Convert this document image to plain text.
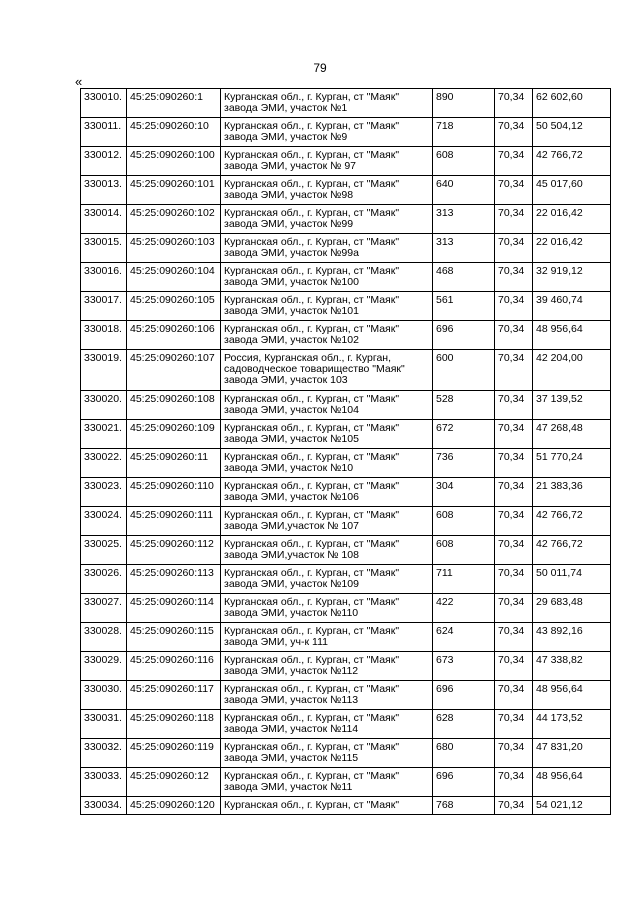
79
«
330010.	45:25:090260:1	Курганская обл., г. Курган, ст "Маяк" завода ЭМИ, участок №1	890	70,34	62 602,60
330011.	45:25:090260:10	Курганская обл., г. Курган, ст "Маяк" завода ЭМИ, участок №9	718	70,34	50 504,12
330012.	45:25:090260:100	Курганская обл., г. Курган, ст "Маяк" завода ЭМИ, участок № 97	608	70,34	42 766,72
330013.	45:25:090260:101	Курганская обл., г. Курган, ст "Маяк" завода ЭМИ, участок №98	640	70,34	45 017,60
330014.	45:25:090260:102	Курганская обл., г. Курган, ст "Маяк" завода ЭМИ, участок №99	313	70,34	22 016,42
330015.	45:25:090260:103	Курганская обл., г. Курган, ст "Маяк" завода ЭМИ, участок №99а	313	70,34	22 016,42
330016.	45:25:090260:104	Курганская обл., г. Курган, ст "Маяк" завода ЭМИ, участок №100	468	70,34	32 919,12
330017.	45:25:090260:105	Курганская обл., г. Курган, ст "Маяк" завода ЭМИ, участок №101	561	70,34	39 460,74
330018.	45:25:090260:106	Курганская обл., г. Курган, ст "Маяк" завода ЭМИ, участок №102	696	70,34	48 956,64
330019.	45:25:090260:107	Россия, Курганская обл., г. Курган, садоводческое товарищество "Маяк" завода ЭМИ, участок 103	600	70,34	42 204,00
330020.	45:25:090260:108	Курганская обл., г. Курган, ст "Маяк" завода ЭМИ, участок №104	528	70,34	37 139,52
330021.	45:25:090260:109	Курганская обл., г. Курган, ст "Маяк" завода ЭМИ, участок №105	672	70,34	47 268,48
330022.	45:25:090260:11	Курганская обл., г. Курган, ст "Маяк" завода ЭМИ, участок №10	736	70,34	51 770,24
330023.	45:25:090260:110	Курганская обл., г. Курган, ст "Маяк" завода ЭМИ, участок №106	304	70,34	21 383,36
330024.	45:25:090260:111	Курганская обл., г. Курган, ст "Маяк" завода ЭМИ,участок № 107	608	70,34	42 766,72
330025.	45:25:090260:112	Курганская обл., г. Курган, ст "Маяк" завода ЭМИ,участок № 108	608	70,34	42 766,72
330026.	45:25:090260:113	Курганская обл., г. Курган, ст "Маяк" завода ЭМИ, участок №109	711	70,34	50 011,74
330027.	45:25:090260:114	Курганская обл., г. Курган, ст "Маяк" завода ЭМИ, участок №110	422	70,34	29 683,48
330028.	45:25:090260:115	Курганская обл., г. Курган, ст "Маяк" завода ЭМИ, уч-к 111	624	70,34	43 892,16
330029.	45:25:090260:116	Курганская обл., г. Курган, ст "Маяк" завода ЭМИ, участок №112	673	70,34	47 338,82
330030.	45:25:090260:117	Курганская обл., г. Курган, ст "Маяк" завода ЭМИ, участок №113	696	70,34	48 956,64
330031.	45:25:090260:118	Курганская обл., г. Курган, ст "Маяк" завода ЭМИ, участок №114	628	70,34	44 173,52
330032.	45:25:090260:119	Курганская обл., г. Курган, ст "Маяк" завода ЭМИ, участок №115	680	70,34	47 831,20
330033.	45:25:090260:12	Курганская обл., г. Курган, ст "Маяк" завода ЭМИ, участок №11	696	70,34	48 956,64
330034.	45:25:090260:120	Курганская обл., г. Курган, ст "Маяк"	768	70,34	54 021,12
